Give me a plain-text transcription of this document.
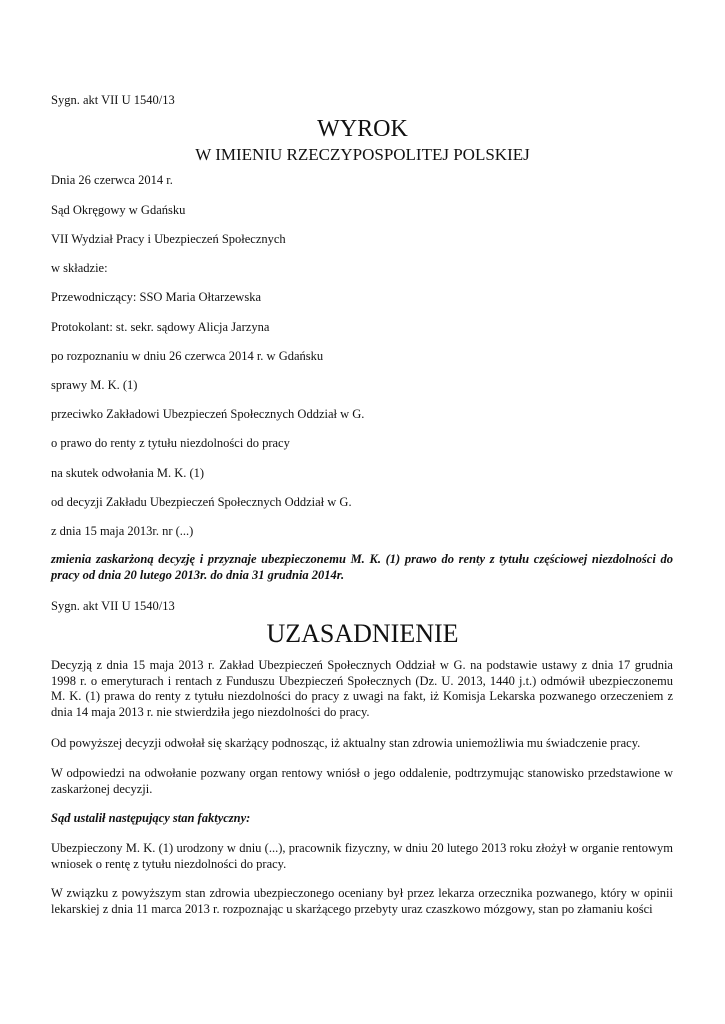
Sygn. akt VII U 1540/13
WYROK
W IMIENIU RZECZYPOSPOLITEJ POLSKIEJ
Dnia 26 czerwca 2014 r.
Sąd Okręgowy w Gdańsku
VII Wydział Pracy i Ubezpieczeń Społecznych
w składzie:
Przewodniczący: SSO Maria Ołtarzewska
Protokolant: st. sekr. sądowy Alicja Jarzyna
po rozpoznaniu w dniu 26 czerwca 2014 r. w Gdańsku
sprawy M. K. (1)
przeciwko Zakładowi Ubezpieczeń Społecznych Oddział w G.
o prawo do renty z tytułu niezdolności do pracy
na skutek odwołania M. K. (1)
od decyzji Zakładu Ubezpieczeń Społecznych Oddział w G.
z dnia 15 maja 2013r. nr (...)
zmienia zaskarżoną decyzję i przyznaje ubezpieczonemu M. K. (1) prawo do renty z tytułu częściowej niezdolności do pracy od dnia 20 lutego 2013r. do dnia 31 grudnia 2014r.
Sygn. akt VII U 1540/13
UZASADNIENIE
Decyzją z dnia 15 maja 2013 r. Zakład Ubezpieczeń Społecznych Oddział w G. na podstawie ustawy z dnia 17 grudnia 1998 r. o emeryturach i rentach z Funduszu Ubezpieczeń Społecznych (Dz. U. 2013, 1440 j.t.) odmówił ubezpieczonemu M. K. (1) prawa do renty z tytułu niezdolności do pracy z uwagi na fakt, iż Komisja Lekarska pozwanego orzeczeniem z dnia 14 maja 2013 r. nie stwierdziła jego niezdolności do pracy.
Od powyższej decyzji odwołał się skarżący podnosząc, iż aktualny stan zdrowia uniemożliwia mu świadczenie pracy.
W odpowiedzi na odwołanie pozwany organ rentowy wniósł o jego oddalenie, podtrzymując stanowisko przedstawione w zaskarżonej decyzji.
Sąd ustalił następujący stan faktyczny:
Ubezpieczony M. K. (1) urodzony w dniu (...), pracownik fizyczny, w dniu 20 lutego 2013 roku złożył w organie rentowym wniosek o rentę z tytułu niezdolności do pracy.
W związku z powyższym stan zdrowia ubezpieczonego oceniany był przez lekarza orzecznika pozwanego, który w opinii lekarskiej z dnia 11 marca 2013 r. rozpoznając u skarżącego przebyty uraz czaszkowo mózgowy, stan po złamaniu kości
